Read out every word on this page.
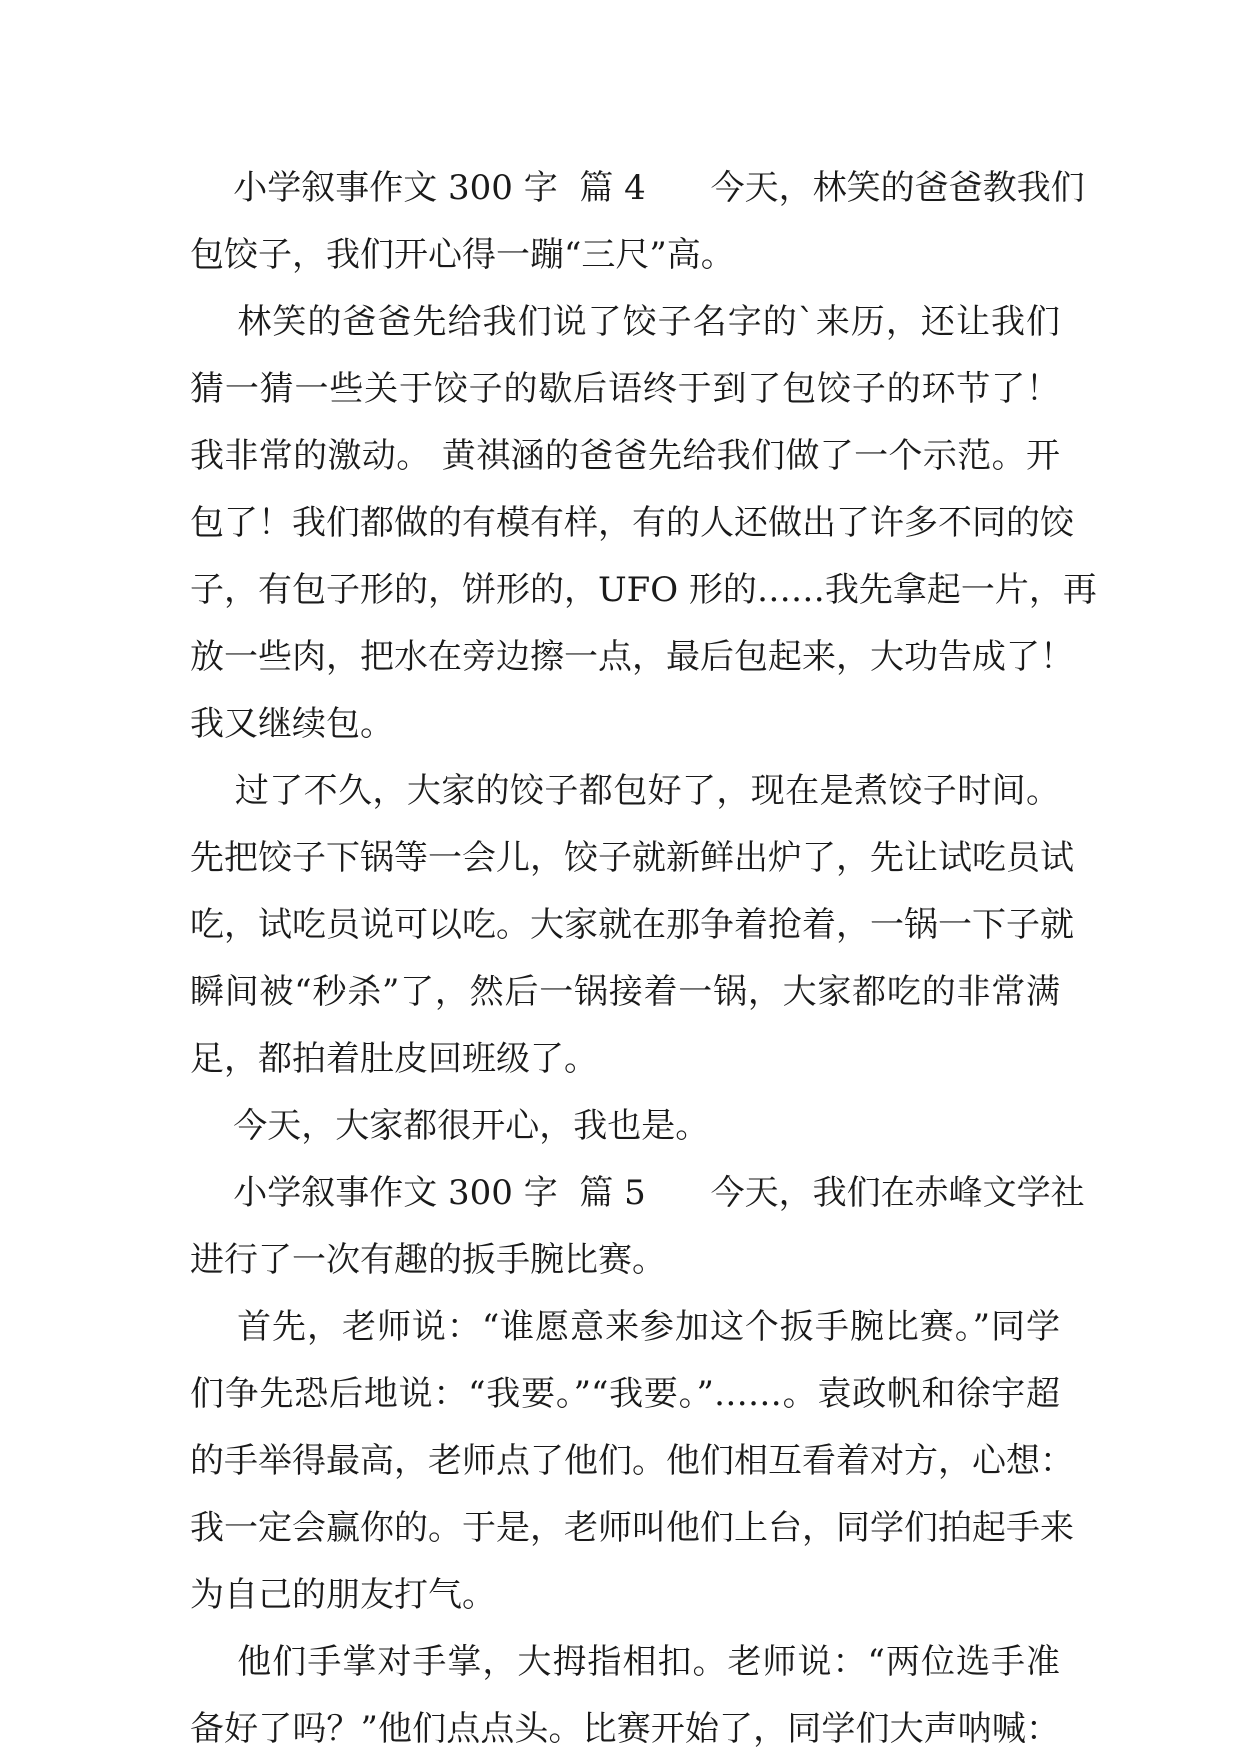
小学叙事作文 300 字  篇 4      今天，林笑的爸爸教我们
包饺子，我们开心得一蹦“三尺”高。
林笑的爸爸先给我们说了饺子名字的`来历，还让我们
猜一猜一些关于饺子的歇后语终于到了包饺子的环节了！
我非常的激动。 黄祺涵的爸爸先给我们做了一个示范。开
包了！我们都做的有模有样，有的人还做出了许多不同的饺
子，有包子形的，饼形的，UFO 形的……我先拿起一片，再
放一些肉，把水在旁边擦一点，最后包起来，大功告成了！
我又继续包。
过了不久，大家的饺子都包好了，现在是煮饺子时间。
先把饺子下锅等一会儿，饺子就新鲜出炉了，先让试吃员试
吃，试吃员说可以吃。大家就在那争着抢着，一锅一下子就
瞬间被“秒杀”了，然后一锅接着一锅，大家都吃的非常满
足，都拍着肚皮回班级了。
今天，大家都很开心，我也是。
小学叙事作文 300 字  篇 5      今天，我们在赤峰文学社
进行了一次有趣的扳手腕比赛。
首先，老师说：“谁愿意来参加这个扳手腕比赛。”同学
们争先恐后地说：“我要。”“我要。”……。袁政帆和徐宇超
的手举得最高，老师点了他们。他们相互看着对方，心想：
我一定会赢你的。于是，老师叫他们上台，同学们拍起手来
为自己的朋友打气。
他们手掌对手掌，大拇指相扣。老师说：“两位选手准
备好了吗？”他们点点头。比赛开始了，同学们大声呐喊：
